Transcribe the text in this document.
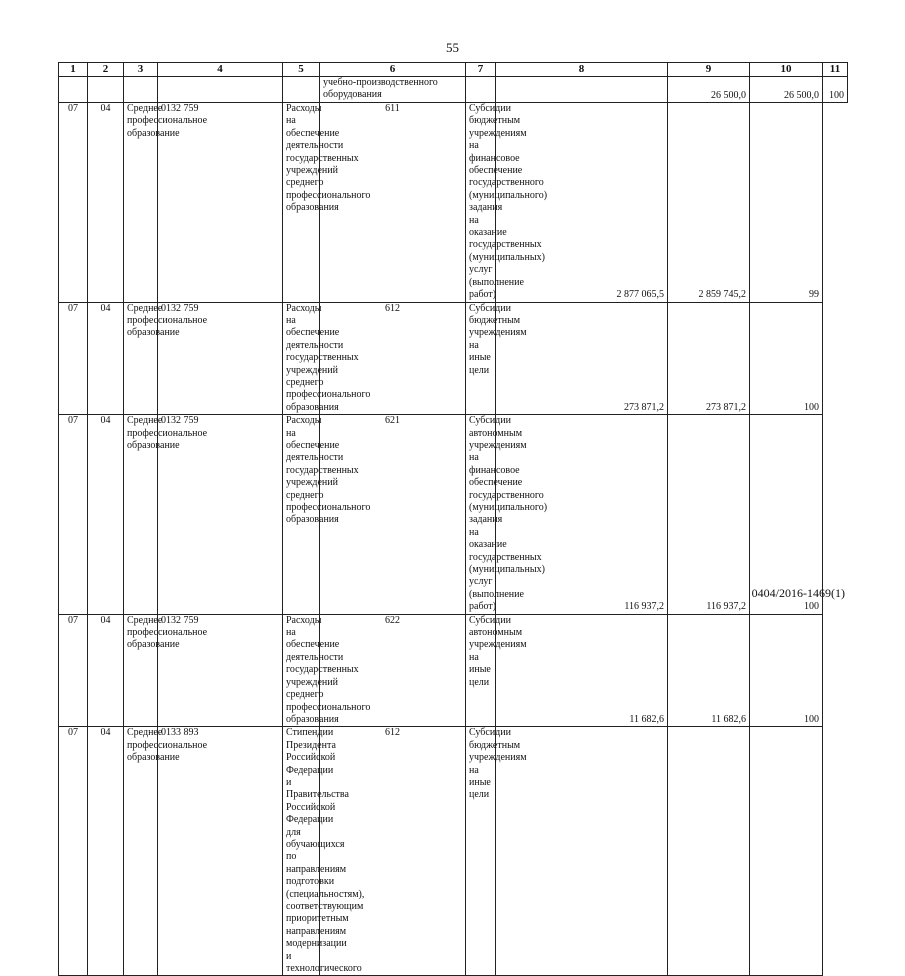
55
1	2	3	4	5	6	7	8	9	10	11
					учебно-производственного оборудования			26 500,0	26 500,0	100
07	04	Среднее профессиональное образование	0132 759	Расходы на обеспечение деятельности государственных учреждений среднего профессионального образования	611	Субсидии бюджетным учреждениям на финансовое обеспечение государственного (муниципального) задания на оказание государственных (муниципальных) услуг (выполнение работ)	2 877 065,5	2 859 745,2	99	
07	04	Среднее профессиональное образование	0132 759	Расходы на обеспечение деятельности государственных учреждений среднего профессионального образования	612	Субсидии бюджетным учреждениям на иные цели	273 871,2	273 871,2	100	
07	04	Среднее профессиональное образование	0132 759	Расходы на обеспечение деятельности государственных учреждений среднего профессионального образования	621	Субсидии автономным учреждениям на финансовое обеспечение государственного (муниципального) задания на оказание государственных (муниципальных) услуг (выполнение работ)	116 937,2	116 937,2	100	
07	04	Среднее профессиональное образование	0132 759	Расходы на обеспечение деятельности государственных учреждений среднего профессионального образования	622	Субсидии автономным учреждениям на иные цели	11 682,6	11 682,6	100	
07	04	Среднее профессиональное образование	0133 893	Стипендии Президента Российской Федерации и Правительства Российской Федерации для обучающихся по направлениям подготовки (специальностям), соответствующим приоритетным направлениям модернизации и технологического	612	Субсидии бюджетным учреждениям на иные цели				
0404/2016-1469(1)
